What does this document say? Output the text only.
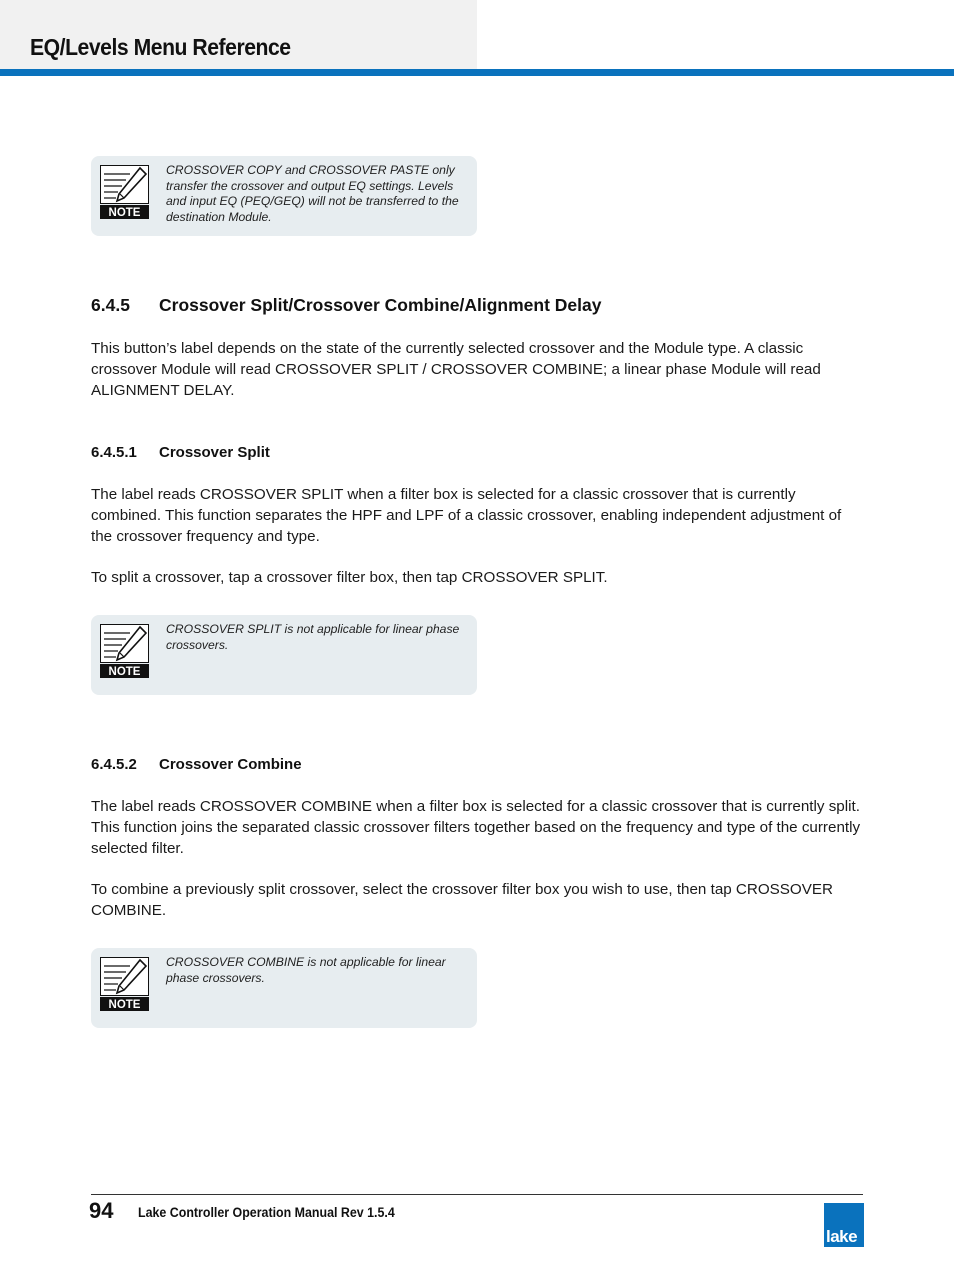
EQ/Levels Menu Reference
NOTE
CROSSOVER COPY and CROSSOVER PASTE only transfer the crossover and output EQ settings. Levels and input EQ (PEQ/GEQ) will not be transferred to the destination Module.
6.4.5 Crossover Split/Crossover Combine/Alignment Delay
This button’s label depends on the state of the currently selected crossover and the Module type. A classic crossover Module will read CROSSOVER SPLIT / CROSSOVER COMBINE; a linear phase Module will read ALIGNMENT DELAY.
6.4.5.1 Crossover Split
The label reads CROSSOVER SPLIT when a filter box is selected for a classic crossover that is currently combined. This function separates the HPF and LPF of a classic crossover, enabling independent adjustment of the crossover frequency and type.
To split a crossover, tap a crossover filter box, then tap CROSSOVER SPLIT.
NOTE
CROSSOVER SPLIT is not applicable for linear phase crossovers.
6.4.5.2 Crossover Combine
The label reads CROSSOVER COMBINE when a filter box is selected for a classic crossover that is currently split. This function joins the separated classic crossover filters together based on the frequency and type of the currently selected filter.
To combine a previously split crossover, select the crossover filter box you wish to use, then tap CROSSOVER COMBINE.
NOTE
CROSSOVER COMBINE is not applicable for linear phase crossovers.
94 Lake Controller Operation Manual Rev 1.5.4
lake
